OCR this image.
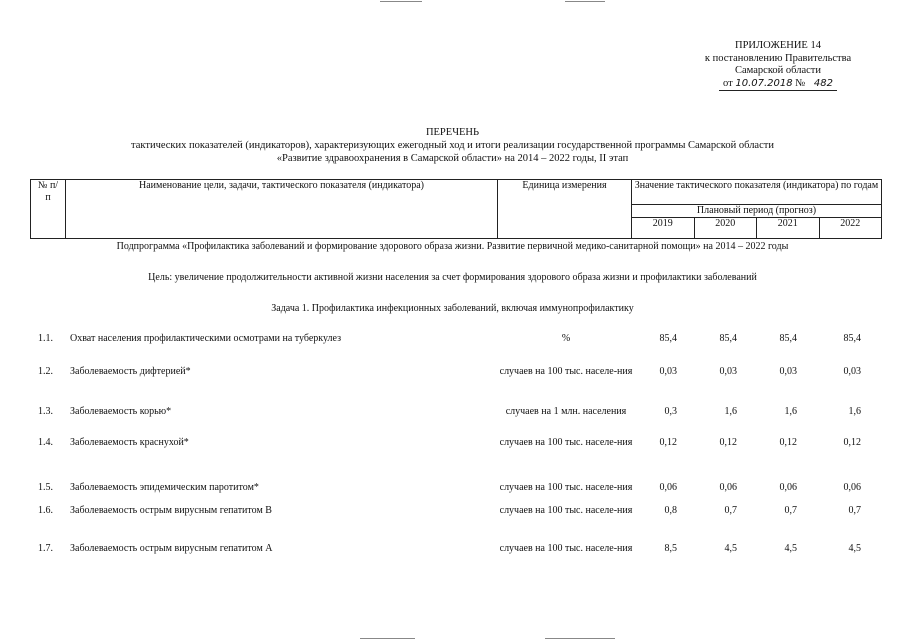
ПРИЛОЖЕНИЕ 14
к постановлению Правительства
Самарской области
от 10.07.2018 № 482
ПЕРЕЧЕНЬ
тактических показателей (индикаторов), характеризующих ежегодный ход и итоги реализации государственной программы Самарской области
«Развитие здравоохранения в Самарской области» на 2014 – 2022 годы, II этап
№ п/п	Наименование цели, задачи, тактического показателя (индикатора)	Единица измерения	Значение тактического показателя (индикатора) по годам			
			Плановый период (прогноз)			
			2019	2020	2021	2022
Подпрограмма «Профилактика заболеваний и формирование здорового образа жизни. Развитие первичной медико-санитарной помощи» на 2014 – 2022 годы
Цель: увеличение продолжительности активной жизни населения за счет формирования здорового образа жизни и профилактики заболеваний
Задача 1. Профилактика инфекционных заболеваний, включая иммунопрофилактику
1.1. Охват населения профилактическими осмотрами на туберкулез	%	85,4	85,4	85,4	85,4
1.2. Заболеваемость дифтерией*	случаев на 100 тыс. населе-ния	0,03	0,03	0,03	0,03
1.3. Заболеваемость корью*	случаев на 1 млн. населения	0,3	1,6	1,6	1,6
1.4. Заболеваемость краснухой*	случаев на 100 тыс. населе-ния	0,12	0,12	0,12	0,12
1.5. Заболеваемость эпидемическим паротитом*	случаев на 100 тыс. населе-ния	0,06	0,06	0,06	0,06
1.6. Заболеваемость острым вирусным гепатитом В	случаев на 100 тыс. населе-ния	0,8	0,7	0,7	0,7
1.7. Заболеваемость острым вирусным гепатитом А	случаев на 100 тыс. населе-ния	8,5	4,5	4,5	4,5
